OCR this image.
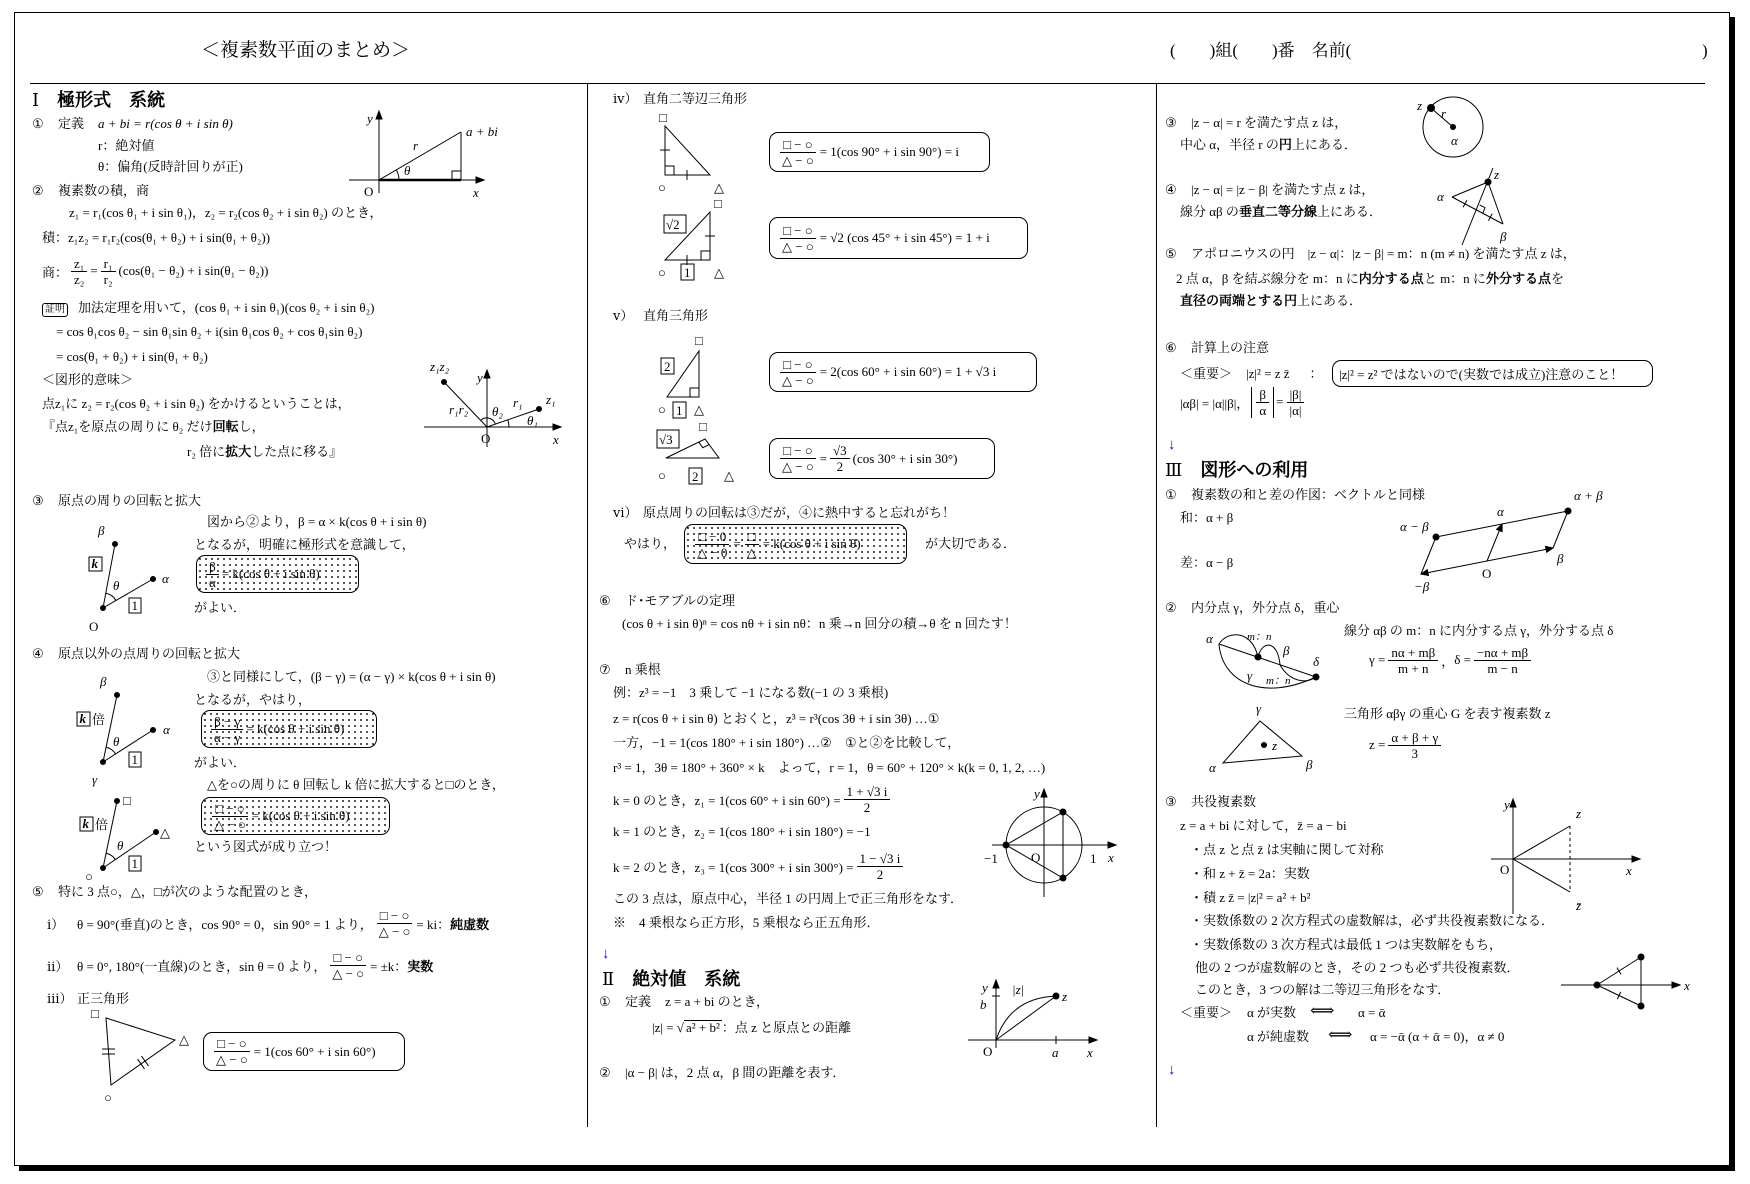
＜複素数平面のまとめ＞	(　　)組(　　)番　名前(	)
Ⅰ 極形式　系統
① 定義 a + bi = r(cos θ + i sin θ)
r：絶対値
θ：偏角(反時計回りが正)
② 複素数の積，商
z₁ = r₁(cos θ₁ + i sin θ₁)，z₂ = r₂(cos θ₂ + i sin θ₂) のとき，
積：z₁z₂ = r₁r₂(cos(θ₁ + θ₂) + i sin(θ₁ + θ₂))
商： $\frac{\text{z₁}}{\text{z₂}} = \frac{\text{r₁}}{\text{r₂}} (\cos(\theta_1 - \theta_2) + i$ sin(θ₁ − θ₂))
証明 加法定理を用いて，(cos θ₁ + i sin θ₁)(cos θ₂ + i sin θ₂)
= cos θ₁cos θ₂ − sin θ₁sin θ₂ + i(sin θ₁cos θ₂ + cos θ₁sin θ₂)
= cos(θ₁ + θ₂) + i sin(θ₁ + θ₂)
＜図形的意味＞
点z₁に z₂ = r₂(cos θ₂ + i sin θ₂) をかけるということは，
『点z₁を原点の周りに θ₂ だけ回転し，
r₂ 倍に拡大した点に移る』
③ 原点の周りの回転と拡大
図から②より，β = α × k(cos θ + i sin θ)
となるが，明確に極形式を意識して，
$\frac{\beta}{\alpha} = k(\cos$ θ + i sin θ)
がよい．
④ 原点以外の点周りの回転と拡大
③と同様にして，(β − γ) = (α − γ) × k(cos θ + i sin θ)
となるが，やはり，
$\frac{\beta - \gamma}{\alpha - \gamma} = k(\cos$ θ + i sin θ)
がよい．
△を○の周りに θ 回転し k 倍に拡大すると□のとき，
$\frac{□ - ○}{\triangle - ○} = k(\cos$ θ + i sin θ)
という図式が成り立つ！
⑤ 特に 3 点○，△，□が次のような配置のとき，
ⅰ） θ = 90°(垂直)のとき，cos 90° = 0，sin 90° = 1 より， $\frac{□ - ○}{\triangle - ○}$ = ki： 純虚数
ⅱ） θ = 0°, 180°(一直線)のとき，sin θ = 0 より， $\frac{□ - ○}{\triangle - ○} = \pm k$： 実数
ⅲ） 正三角形
$\frac{□ - ○}{\triangle - ○} = 1(\cos$ 60° + i sin 60°)
ⅳ） 直角二等辺三角形
$\frac{□ - ○}{\triangle - ○} = 1(\cos$ 90° + i sin 90°) = i
$\frac{□ - ○}{\triangle - ○} = √2$ (cos 45° + i sin 45°) = 1 + i
ⅴ） 直角三角形
$\frac{□ - ○}{\triangle - ○} = 2(\cos$ 60° + i sin 60°) = 1 + √3 i
$\frac{□ - ○}{\triangle - ○} = \frac{√3}{2} (\cos$ 30° + i sin 30°)
ⅵ） 原点周りの回転は③だが，④に熱中すると忘れがち！
やはり， $\frac{□ - 0}{\triangle - 0} = \frac{□}{\triangle} = k(\cos$ θ + i sin θ)	が大切である．
⑥ ド･モアブルの定理
(cos θ + i sin θ)ⁿ = cos nθ + i sin nθ：n 乗→n 回分の積→θ を n 回たす！
⑦ n 乗根
例：z³ = −1　3 乗して −1 になる数(−1 の 3 乗根)
z = r(cos θ + i sin θ) とおくと，z³ = r³(cos 3θ + i sin 3θ) …①
一方，−1 = 1(cos 180° + i sin 180°) …②　①と②を比較して，
r³ = 1，3θ = 180° + 360° × k　よって，r = 1，θ = 60° + 120° × k(k = 0, 1, 2, …)
k = 0 のとき，z₁ = 1(cos 60° + i $\sin 60^\circ) = \frac{1 + √3 i}{2}$
k = 1 のとき，z₂ = 1(cos 180° + i sin 180°) = −1
k = 2 のとき，z₃ = 1(cos 300° + i $\sin 300^\circ) = \frac{1 - √3 i}{2}$
この 3 点は，原点中心，半径 1 の円周上で正三角形をなす．
※　4 乗根なら正方形，5 乗根なら正五角形．
↓
Ⅱ 絶対値　系統
① 定義 z = a + bi のとき，
|z| = √ a² + b² ：点 z と原点との距離
② |α − β| は，2 点 α，β 間の距離を表す．
③ |z − α| = r を満たす点 z は，
中心 α，半径 r の円上にある．
④ |z − α| = |z − β| を満たす点 z は，
線分 αβ の垂直二等分線上にある．
⑤ アポロニウスの円　|z − α|：|z − β| = m：n (m ≠ n) を満たす点 z は，
2 点 α，β を結ぶ線分を m：n に内分する点と m：n に外分する点を
直径の両端とする円上にある．
⑥ 計算上の注意
＜重要＞ |z|² = z z̄ ：	|z|² = z² ではないので(実数では成立)注意のこと！
|αβ| = |α||β|， $\frac{\beta}{\alpha} = \frac{|\beta|}{|\alpha|}$
↓
Ⅲ 図形への利用
① 複素数の和と差の作図：ベクトルと同様
和：α + β
差：α − β
② 内分点 γ，外分点 δ，重心
線分 αβ の m：n に内分する点 γ，外分する点 δ
$\gamma = \frac{n\alpha + m\beta}{m + n}$ ， $\delta = \frac{-n\alpha + m\beta}{m - n}$
三角形 αβγ の重心 G を表す複素数 z
$z = \frac{\alpha + \beta + \gamma}{3}$
③ 共役複素数
z = a + bi に対して，z̄ = a − bi
・点 z と点 z̄ は実軸に関して対称
・和 z + z̄ = 2a：実数
・積 z z̄ = |z|² = a² + b²
・実数係数の 2 次方程式の虚数解は，必ず共役複素数になる．
・実数係数の 3 次方程式は最低 1 つは実数解をもち，
他の 2 つが虚数解のとき，その 2 つも必ず共役複素数．
このとき，3 つの解は二等辺三角形をなす．
＜重要＞ α が実数 ⟺ α = ᾱ
α が純虚数 ⟺ α = −ᾱ (α + ᾱ = 0)，α ≠ 0
↓
y
a + bi
r
θ
O	x
z₁z₂
z₁
r₁r₂ θ₂
r₁
θ₁
y
O	x
β
α
O
θ
k
1
β
α
γ
θ
k 倍
1
□
△
○
θ
k 倍
1
□
△
○
□
○	△
□
√2
○ 1 △
□
2
○ 1 △
□
√3
○ 2 △
y
−1	O	1 x
y
b
|z|	z
O	a x
z
r
α
α
z
β
α
β
α + β
α − β
−β
O
α	m：n
β
γ m：n
δ
γ
β
α
z
y
z
O	x
z̄
x
